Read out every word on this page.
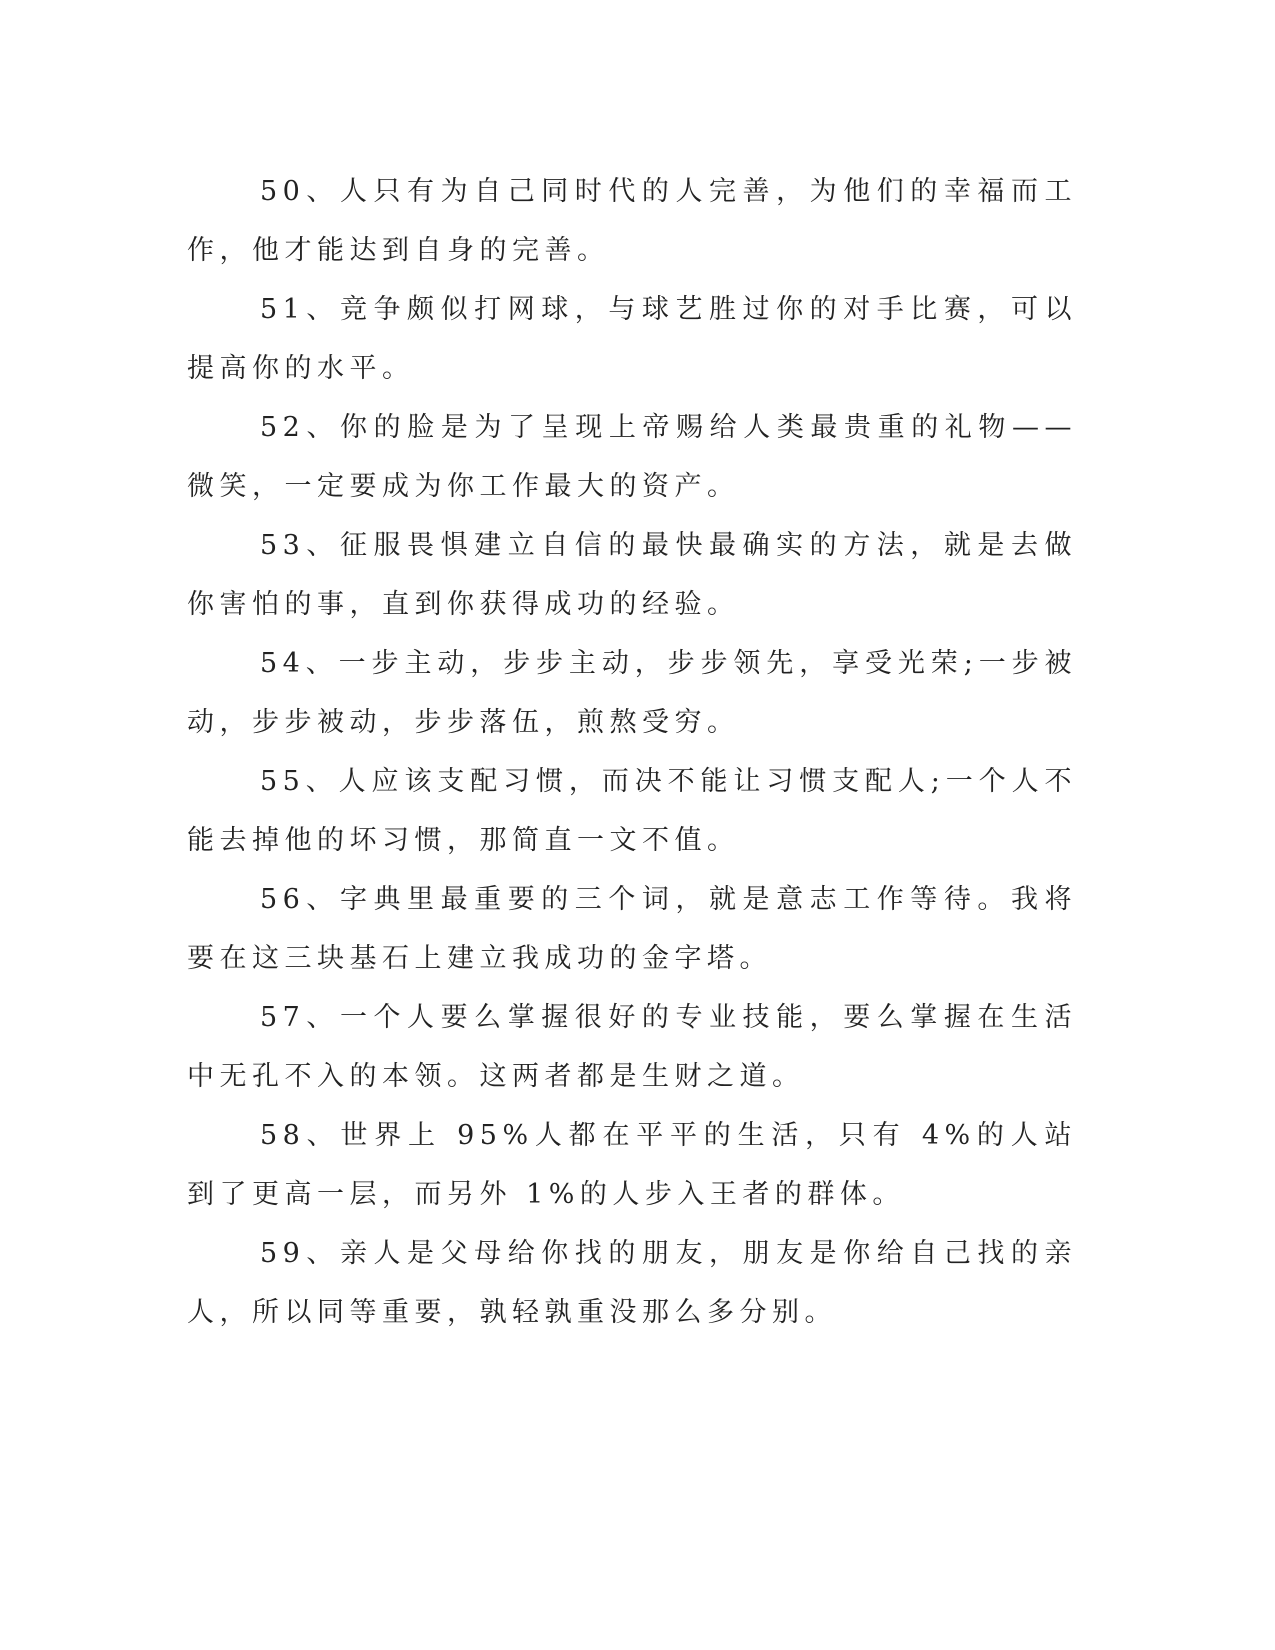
50、人只有为自己同时代的人完善，为他们的幸福而工作，他才能达到自身的完善。

51、竞争颇似打网球，与球艺胜过你的对手比赛，可以提高你的水平。

52、你的脸是为了呈现上帝赐给人类最贵重的礼物——微笑，一定要成为你工作最大的资产。

53、征服畏惧建立自信的最快最确实的方法，就是去做你害怕的事，直到你获得成功的经验。

54、一步主动，步步主动，步步领先，享受光荣;一步被动，步步被动，步步落伍，煎熬受穷。

55、人应该支配习惯，而决不能让习惯支配人;一个人不能去掉他的坏习惯，那简直一文不值。

56、字典里最重要的三个词，就是意志工作等待。我将要在这三块基石上建立我成功的金字塔。

57、一个人要么掌握很好的专业技能，要么掌握在生活中无孔不入的本领。这两者都是生财之道。

58、世界上 95%人都在平平的生活，只有 4%的人站到了更高一层，而另外 1%的人步入王者的群体。

59、亲人是父母给你找的朋友，朋友是你给自己找的亲人，所以同等重要，孰轻孰重没那么多分别。
